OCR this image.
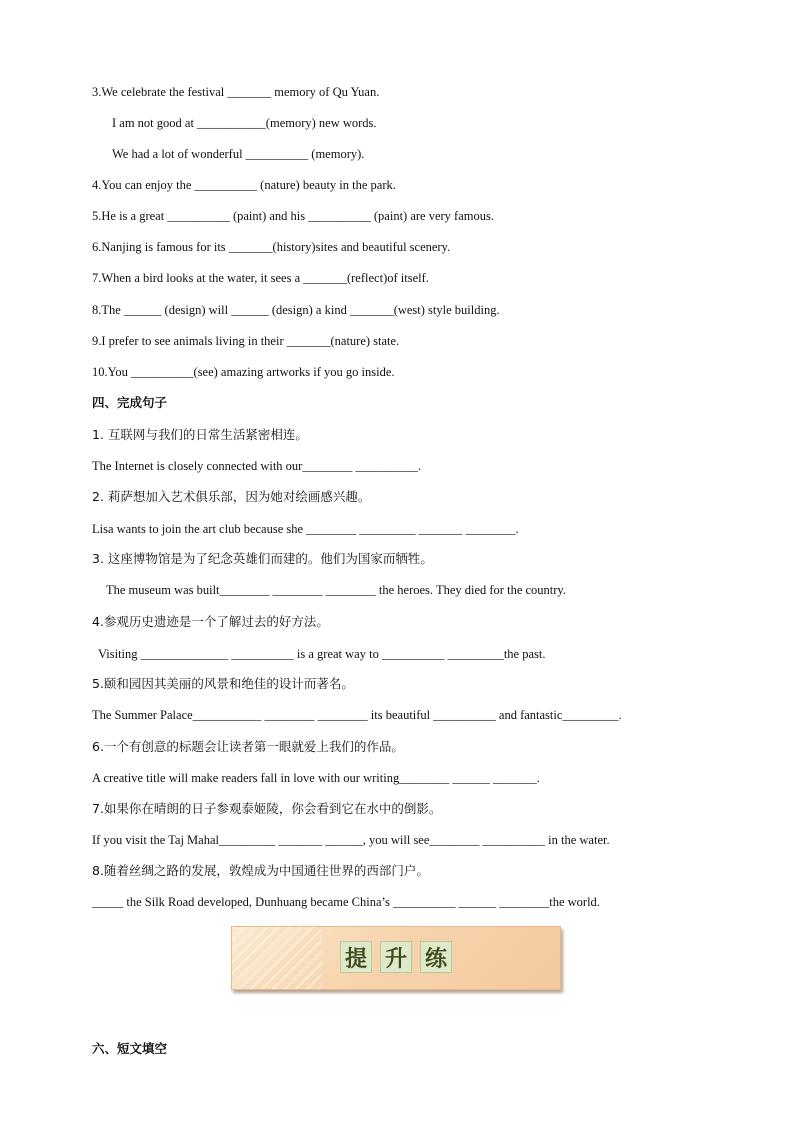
3.We celebrate the festival _______ memory of Qu Yuan.
I am not good at ___________(memory) new words.
We had a lot of wonderful __________ (memory).
4.You can enjoy the __________ (nature) beauty in the park.
5.He is a great __________ (paint) and his __________ (paint) are very famous.
6.Nanjing is famous for its _______(history)sites and beautiful scenery.
7.When a bird looks at the water, it sees a _______(reflect)of itself.
8.The ______ (design) will ______ (design) a kind _______(west) style building.
9.I prefer to see animals living in their _______(nature) state.
10.You __________(see) amazing artworks if you go inside.
四、完成句子
1. 互联网与我们的日常生活紧密相连。
The Internet is closely connected with our________ __________.
2. 莉萨想加入艺术俱乐部，因为她对绘画感兴趣。
Lisa wants to join the art club because she ________ _________ _______ ________.
3. 这座博物馆是为了纪念英雄们而建的。他们为国家而牺牲。
The museum was built________ ________ ________ the heroes. They died for the country.
4.参观历史遗迹是一个了解过去的好方法。
Visiting ______________ __________ is a great way to __________ _________the past.
5.颐和园因其美丽的风景和绝佳的设计而著名。
The Summer Palace___________ ________ ________ its beautiful __________ and fantastic_________.
6.一个有创意的标题会让读者第一眼就爱上我们的作品。
A creative title will make readers fall in love with our writing________ ______ _______.
7.如果你在晴朗的日子参观泰姬陵，你会看到它在水中的倒影。
If you visit the Taj Mahal_________ _______ ______, you will see________ __________ in the water.
8.随着丝绸之路的发展，敦煌成为中国通往世界的西部门户。
_____ the Silk Road developed, Dunhuang became China’s __________ ______ ________the world.
提 升 练
六、短文填空
